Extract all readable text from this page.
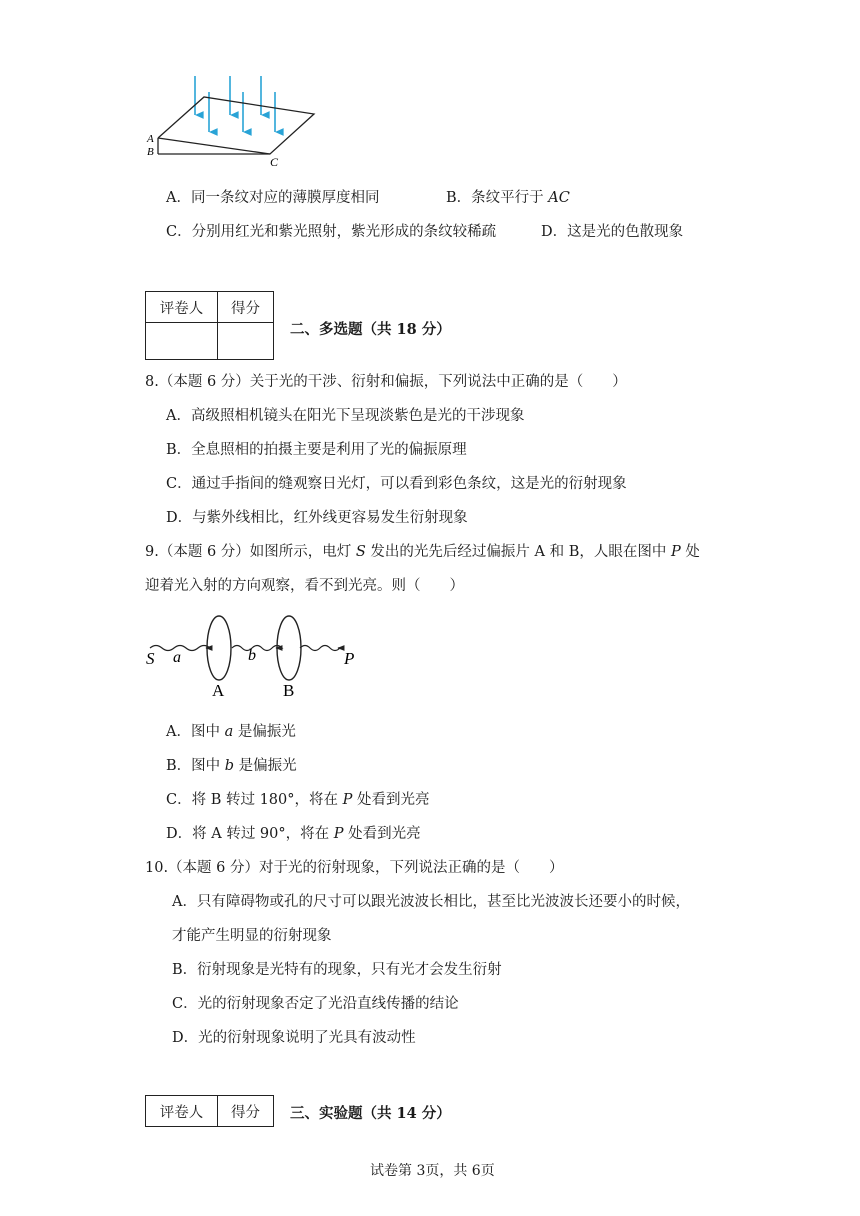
A
B
C
A．同一条纹对应的薄膜厚度相同	B．条纹平行于 AC
C．分别用红光和紫光照射，紫光形成的条纹较稀疏	D．这是光的色散现象
评卷人	得分

二、多选题（共 18 分）
8.（本题 6 分）关于光的干涉、衍射和偏振，下列说法中正确的是（　　）
A．高级照相机镜头在阳光下呈现淡紫色是光的干涉现象
B．全息照相的拍摄主要是利用了光的偏振原理
C．通过手指间的缝观察日光灯，可以看到彩色条纹，这是光的衍射现象
D．与紫外线相比，红外线更容易发生衍射现象
9.（本题 6 分）如图所示，电灯 S 发出的光先后经过偏振片 A 和 B，人眼在图中 P 处
迎着光入射的方向观察，看不到光亮。则（　　）
S a	b	P
A	B
A．图中 a 是偏振光
B．图中 b 是偏振光
C．将 B 转过 180°，将在 P 处看到光亮
D．将 A 转过 90°，将在 P 处看到光亮
10.（本题 6 分）对于光的衍射现象，下列说法正确的是（　　）
A．只有障碍物或孔的尺寸可以跟光波波长相比，甚至比光波波长还要小的时候，
才能产生明显的衍射现象
B．衍射现象是光特有的现象，只有光才会发生衍射
C．光的衍射现象否定了光沿直线传播的结论
D．光的衍射现象说明了光具有波动性
评卷人	得分 三、实验题（共 14 分）
试卷第 3页，共 6页
